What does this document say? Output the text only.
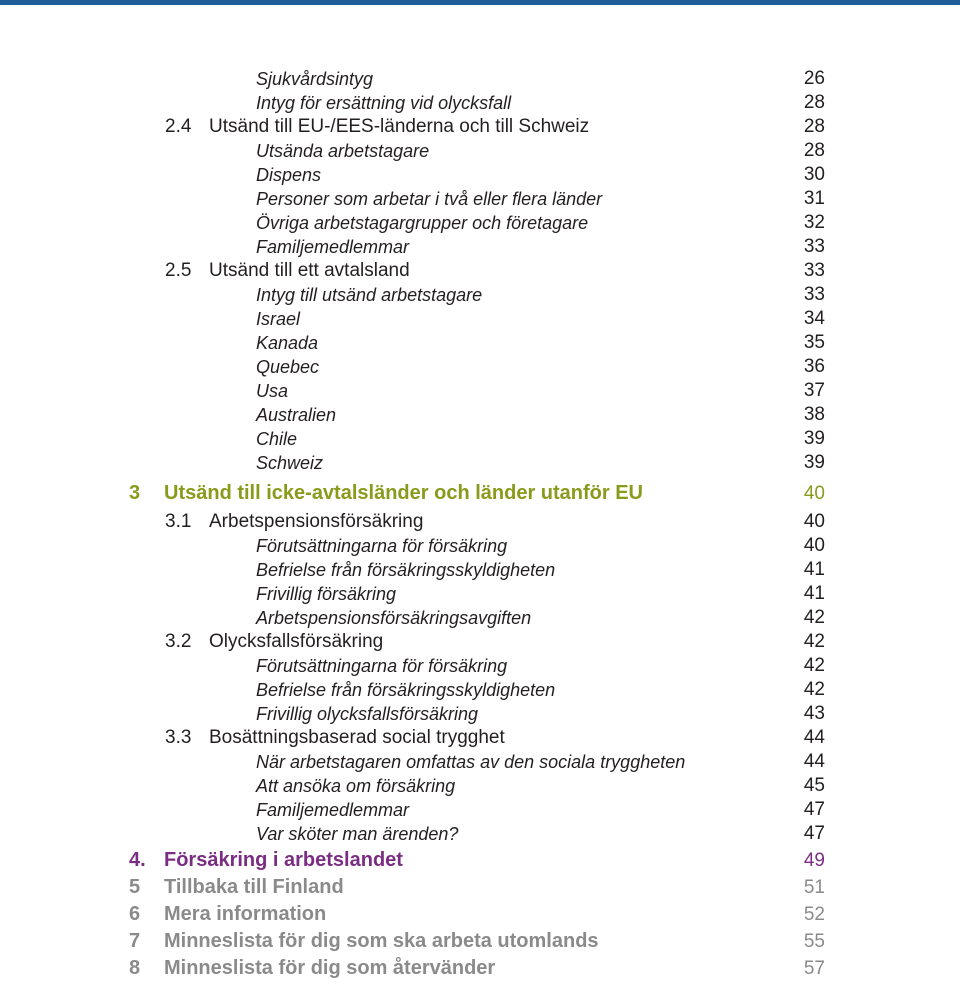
Sjukvårdsintyg	26
Intyg för ersättning vid olycksfall	28
2.4 Utsänd till EU-/EES-länderna och till Schweiz	28
Utsända arbetstagare	28
Dispens	30
Personer som arbetar i två eller flera länder	31
Övriga arbetstagargrupper och företagare	32
Familjemedlemmar	33
2.5 Utsänd till ett avtalsland	33
Intyg till utsänd arbetstagare	33
Israel	34
Kanada	35
Quebec	36
Usa	37
Australien	38
Chile	39
Schweiz	39
3 Utsänd till icke-avtalsländer och länder utanför EU	40
3.1 Arbetspensionsförsäkring	40
Förutsättningarna för försäkring	40
Befrielse från försäkringsskyldigheten	41
Frivillig försäkring	41
Arbetspensionsförsäkringsavgiften	42
3.2 Olycksfallsförsäkring	42
Förutsättningarna för försäkring	42
Befrielse från försäkringsskyldigheten	42
Frivillig olycksfallsförsäkring	43
3.3 Bosättningsbaserad social trygghet	44
När arbetstagaren omfattas av den sociala tryggheten	44
Att ansöka om försäkring	45
Familjemedlemmar	47
Var sköter man ärenden?	47
4. Försäkring i arbetslandet	49
5 Tillbaka till Finland	51
6 Mera information	52
7 Minneslista för dig som ska arbeta utomlands	55
8 Minneslista för dig som återvänder	57
